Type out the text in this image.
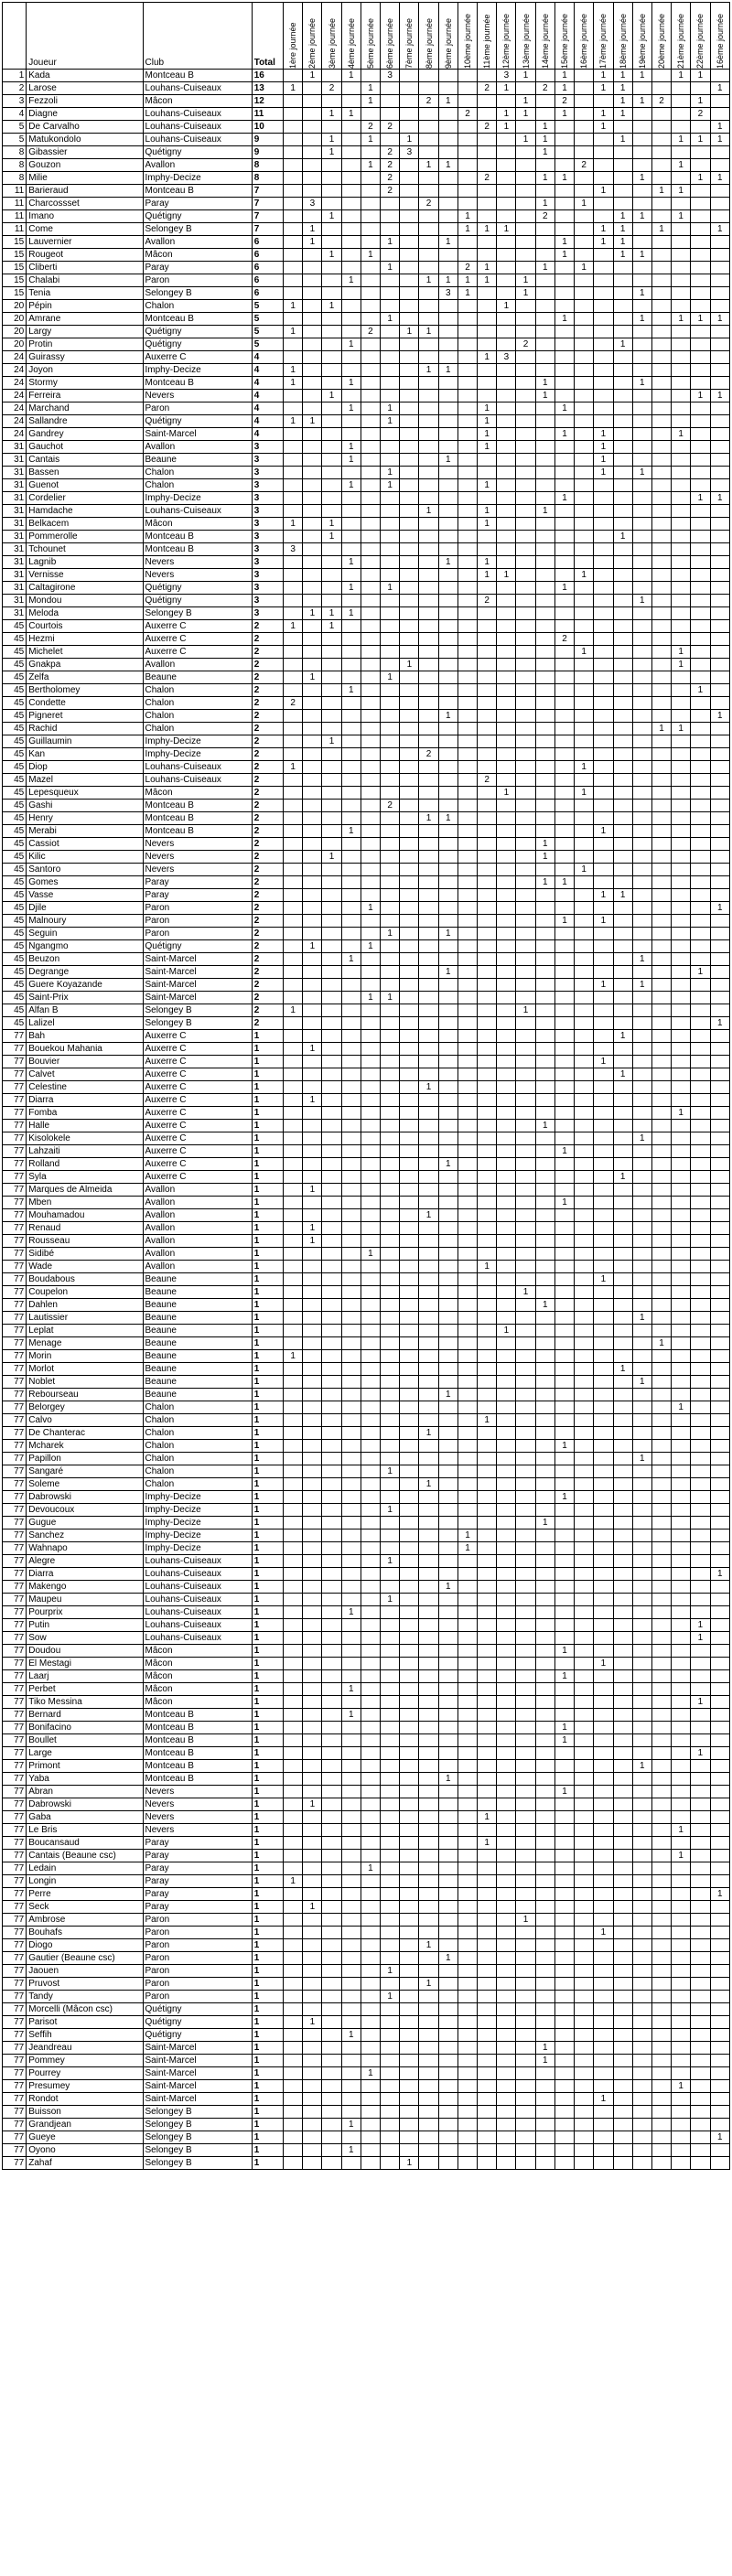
	Joueur	Club	Total	1ère journée	2ème journée	3ème journée	4ème journée	5ème journée	6ème journée	7ème journée	8ème journée	9ème journée	10ème journée	11ème journée	12ème journée	13ème journée	14ème journée	15ème journée	16ème journée	17ème journée	18ème journée	19ème journée	20ème journée	21ème journée	22ème journée	16ème journée

1	Kada	Montceau B	16		1		1		3						3	1		1		1	1	1		1	1	
2	Larose	Louhans-Cuiseaux	13	1		2		1						2	1		2	1		1	1					1
3	Fezzoli	Mâcon	12					1			2	1				1		2			1	1	2		1	
4	Diagne	Louhans-Cuiseaux	11			1	1						2		1	1		1		1	1				2	
5	De Carvalho	Louhans-Cuiseaux	10					2	2					2	1		1			1						1
5	Matukondolo	Louhans-Cuiseaux	9			1		1		1						1	1				1			1	1	1
8	Gibassier	Quétigny	9			1			2	3							1									
8	Gouzon	Avallon	8					1	2		1	1							2					1		
8	Milie	Imphy-Decize	8						2					2			1	1				1			1	1
11	Barieraud	Montceau B	7						2											1			1	1		
11	Charcossset	Paray	7		3						2						1		1							
11	Imano	Quétigny	7			1							1				2				1	1		1		
11	Come	Selongey B	7		1								1	1	1					1	1		1			1
15	Lauvernier	Avallon	6		1				1			1						1		1	1					
15	Rougeot	Mâcon	6			1		1										1			1	1				
15	Cliberti	Paray	6						1				2	1			1		1							
15	Chalabi	Paron	6				1				1	1	1	1		1										
15	Tenia	Selongey B	6									3	1			1						1				
20	Pépin	Chalon	5	1		1									1											
20	Amrane	Montceau B	5						1									1				1		1	1	1
20	Largy	Quétigny	5	1				2		1	1															
20	Protin	Quétigny	5				1									2					1					
24	Guirassy	Auxerre C	4											1	3											
24	Joyon	Imphy-Decize	4	1							1	1														
24	Stormy	Montceau B	4	1			1										1					1				
24	Ferreira	Nevers	4			1											1								1	1
24	Marchand	Paron	4				1		1					1				1								
24	Sallandre	Quétigny	4	1	1				1					1												
24	Gandrey	Saint-Marcel	4											1				1		1				1		
31	Gauchot	Avallon	3				1							1						1						
31	Cantais	Beaune	3				1					1								1						
31	Bassen	Chalon	3						1											1		1				
31	Guenot	Chalon	3				1		1					1												
31	Cordelier	Imphy-Decize	3															1							1	1
31	Hamdache	Louhans-Cuiseaux	3								1			1			1									
31	Belkacem	Mâcon	3	1		1								1												
31	Pommerolle	Montceau B	3			1															1					
31	Tchounet	Montceau B	3	3																						
31	Lagnib	Nevers	3				1					1		1												
31	Vernisse	Nevers	3											1	1				1							
31	Caltagirone	Quétigny	3				1		1									1								
31	Mondou	Quétigny	3											2								1				
31	Meloda	Selongey B	3		1	1	1																			
45	Courtois	Auxerre C	2	1		1																				
45	Hezmi	Auxerre C	2															2								
45	Michelet	Auxerre C	2																1					1		
45	Gnakpa	Avallon	2							1														1		
45	Zelfa	Beaune	2		1				1																	
45	Bertholomey	Chalon	2				1																		1	
45	Condette	Chalon	2	2																						
45	Pigneret	Chalon	2									1														1
45	Rachid	Chalon	2																				1	1		
45	Guillaumin	Imphy-Decize	2			1																				
45	Kan	Imphy-Decize	2								2															
45	Diop	Louhans-Cuiseaux	2	1															1							
45	Mazel	Louhans-Cuiseaux	2											2												
45	Lepesqueux	Mâcon	2												1				1							
45	Gashi	Montceau B	2						2																	
45	Henry	Montceau B	2								1	1														
45	Merabi	Montceau B	2				1													1						
45	Cassiot	Nevers	2														1									
45	Kilic	Nevers	2			1											1									
45	Santoro	Nevers	2																1							
45	Gomes	Paray	2														1	1								
45	Vasse	Paray	2																	1	1					
45	Djile	Paron	2					1																		1
45	Malnoury	Paron	2															1		1						
45	Seguin	Paron	2						1			1														
45	Ngangmo	Quétigny	2		1			1																		
45	Beuzon	Saint-Marcel	2				1															1				
45	Degrange	Saint-Marcel	2									1													1	
45	Guere Koyazande	Saint-Marcel	2																	1		1				
45	Saint-Prix	Saint-Marcel	2					1	1																	
45	Alfan B	Selongey B	2	1												1										
45	Lalizel	Selongey B	2																							1
77	Bah	Auxerre C	1																		1					
77	Bouekou Mahania	Auxerre C	1		1																					
77	Bouvier	Auxerre C	1																	1						
77	Calvet	Auxerre C	1																		1					
77	Celestine	Auxerre C	1								1															
77	Diarra	Auxerre C	1		1																					
77	Fomba	Auxerre C	1																					1		
77	Halle	Auxerre C	1														1									
77	Kisolokele	Auxerre C	1																			1				
77	Lahzaiti	Auxerre C	1															1								
77	Rolland	Auxerre C	1									1														
77	Syla	Auxerre C	1																		1					
77	Marques de Almeida	Avallon	1		1																					
77	Mben	Avallon	1															1								
77	Mouhamadou	Avallon	1								1															
77	Renaud	Avallon	1		1																					
77	Rousseau	Avallon	1		1																					
77	Sidibé	Avallon	1					1																		
77	Wade	Avallon	1											1												
77	Boudabous	Beaune	1																	1						
77	Coupelon	Beaune	1													1										
77	Dahlen	Beaune	1														1									
77	Lautissier	Beaune	1																			1				
77	Leplat	Beaune	1												1											
77	Menage	Beaune	1																				1			
77	Morin	Beaune	1	1																						
77	Morlot	Beaune	1																		1					
77	Noblet	Beaune	1																			1				
77	Rebourseau	Beaune	1									1														
77	Belorgey	Chalon	1																					1		
77	Calvo	Chalon	1											1												
77	De Chanterac	Chalon	1								1															
77	Mcharek	Chalon	1															1								
77	Papillon	Chalon	1																			1				
77	Sangaré	Chalon	1						1																	
77	Soleme	Chalon	1								1															
77	Dabrowski	Imphy-Decize	1															1								
77	Devoucoux	Imphy-Decize	1						1																	
77	Gugue	Imphy-Decize	1														1									
77	Sanchez	Imphy-Decize	1										1													
77	Wahnapo	Imphy-Decize	1										1													
77	Alegre	Louhans-Cuiseaux	1						1																	
77	Diarra	Louhans-Cuiseaux	1																							1
77	Makengo	Louhans-Cuiseaux	1									1														
77	Maupeu	Louhans-Cuiseaux	1						1																	
77	Pourprix	Louhans-Cuiseaux	1				1																			
77	Putin	Louhans-Cuiseaux	1																						1	
77	Sow	Louhans-Cuiseaux	1																						1	
77	Doudou	Mâcon	1															1								
77	El Mestagi	Mâcon	1																	1						
77	Laarj	Mâcon	1															1								
77	Perbet	Mâcon	1				1																			
77	Tiko Messina	Mâcon	1																						1	
77	Bernard	Montceau B	1				1																			
77	Bonifacino	Montceau B	1															1								
77	Boullet	Montceau B	1															1								
77	Large	Montceau B	1																						1	
77	Primont	Montceau B	1																			1				
77	Yaba	Montceau B	1									1														
77	Abran	Nevers	1															1								
77	Dabrowski	Nevers	1		1																					
77	Gaba	Nevers	1											1												
77	Le Bris	Nevers	1																					1		
77	Boucansaud	Paray	1											1												
77	Cantais (Beaune csc)	Paray	1																					1		
77	Ledain	Paray	1					1																		
77	Longin	Paray	1	1																						
77	Perre	Paray	1																							1
77	Seck	Paray	1		1																					
77	Ambrose	Paron	1													1										
77	Bouhafs	Paron	1																	1						
77	Diogo	Paron	1								1															
77	Gautier (Beaune csc)	Paron	1									1														
77	Jaouen	Paron	1						1																	
77	Pruvost	Paron	1								1															
77	Tandy	Paron	1						1																	
77	Morcelli (Mâcon csc)	Quétigny	1																							
77	Parisot	Quétigny	1		1																					
77	Seffih	Quétigny	1				1																			
77	Jeandreau	Saint-Marcel	1														1									
77	Pommey	Saint-Marcel	1														1									
77	Pourrey	Saint-Marcel	1					1																		
77	Presumey	Saint-Marcel	1																					1		
77	Rondot	Saint-Marcel	1																	1						
77	Buisson	Selongey B	1																							
77	Grandjean	Selongey B	1				1																			
77	Gueye	Selongey B	1																							1
77	Oyono	Selongey B	1				1																			
77	Zahaf	Selongey B	1							1																
